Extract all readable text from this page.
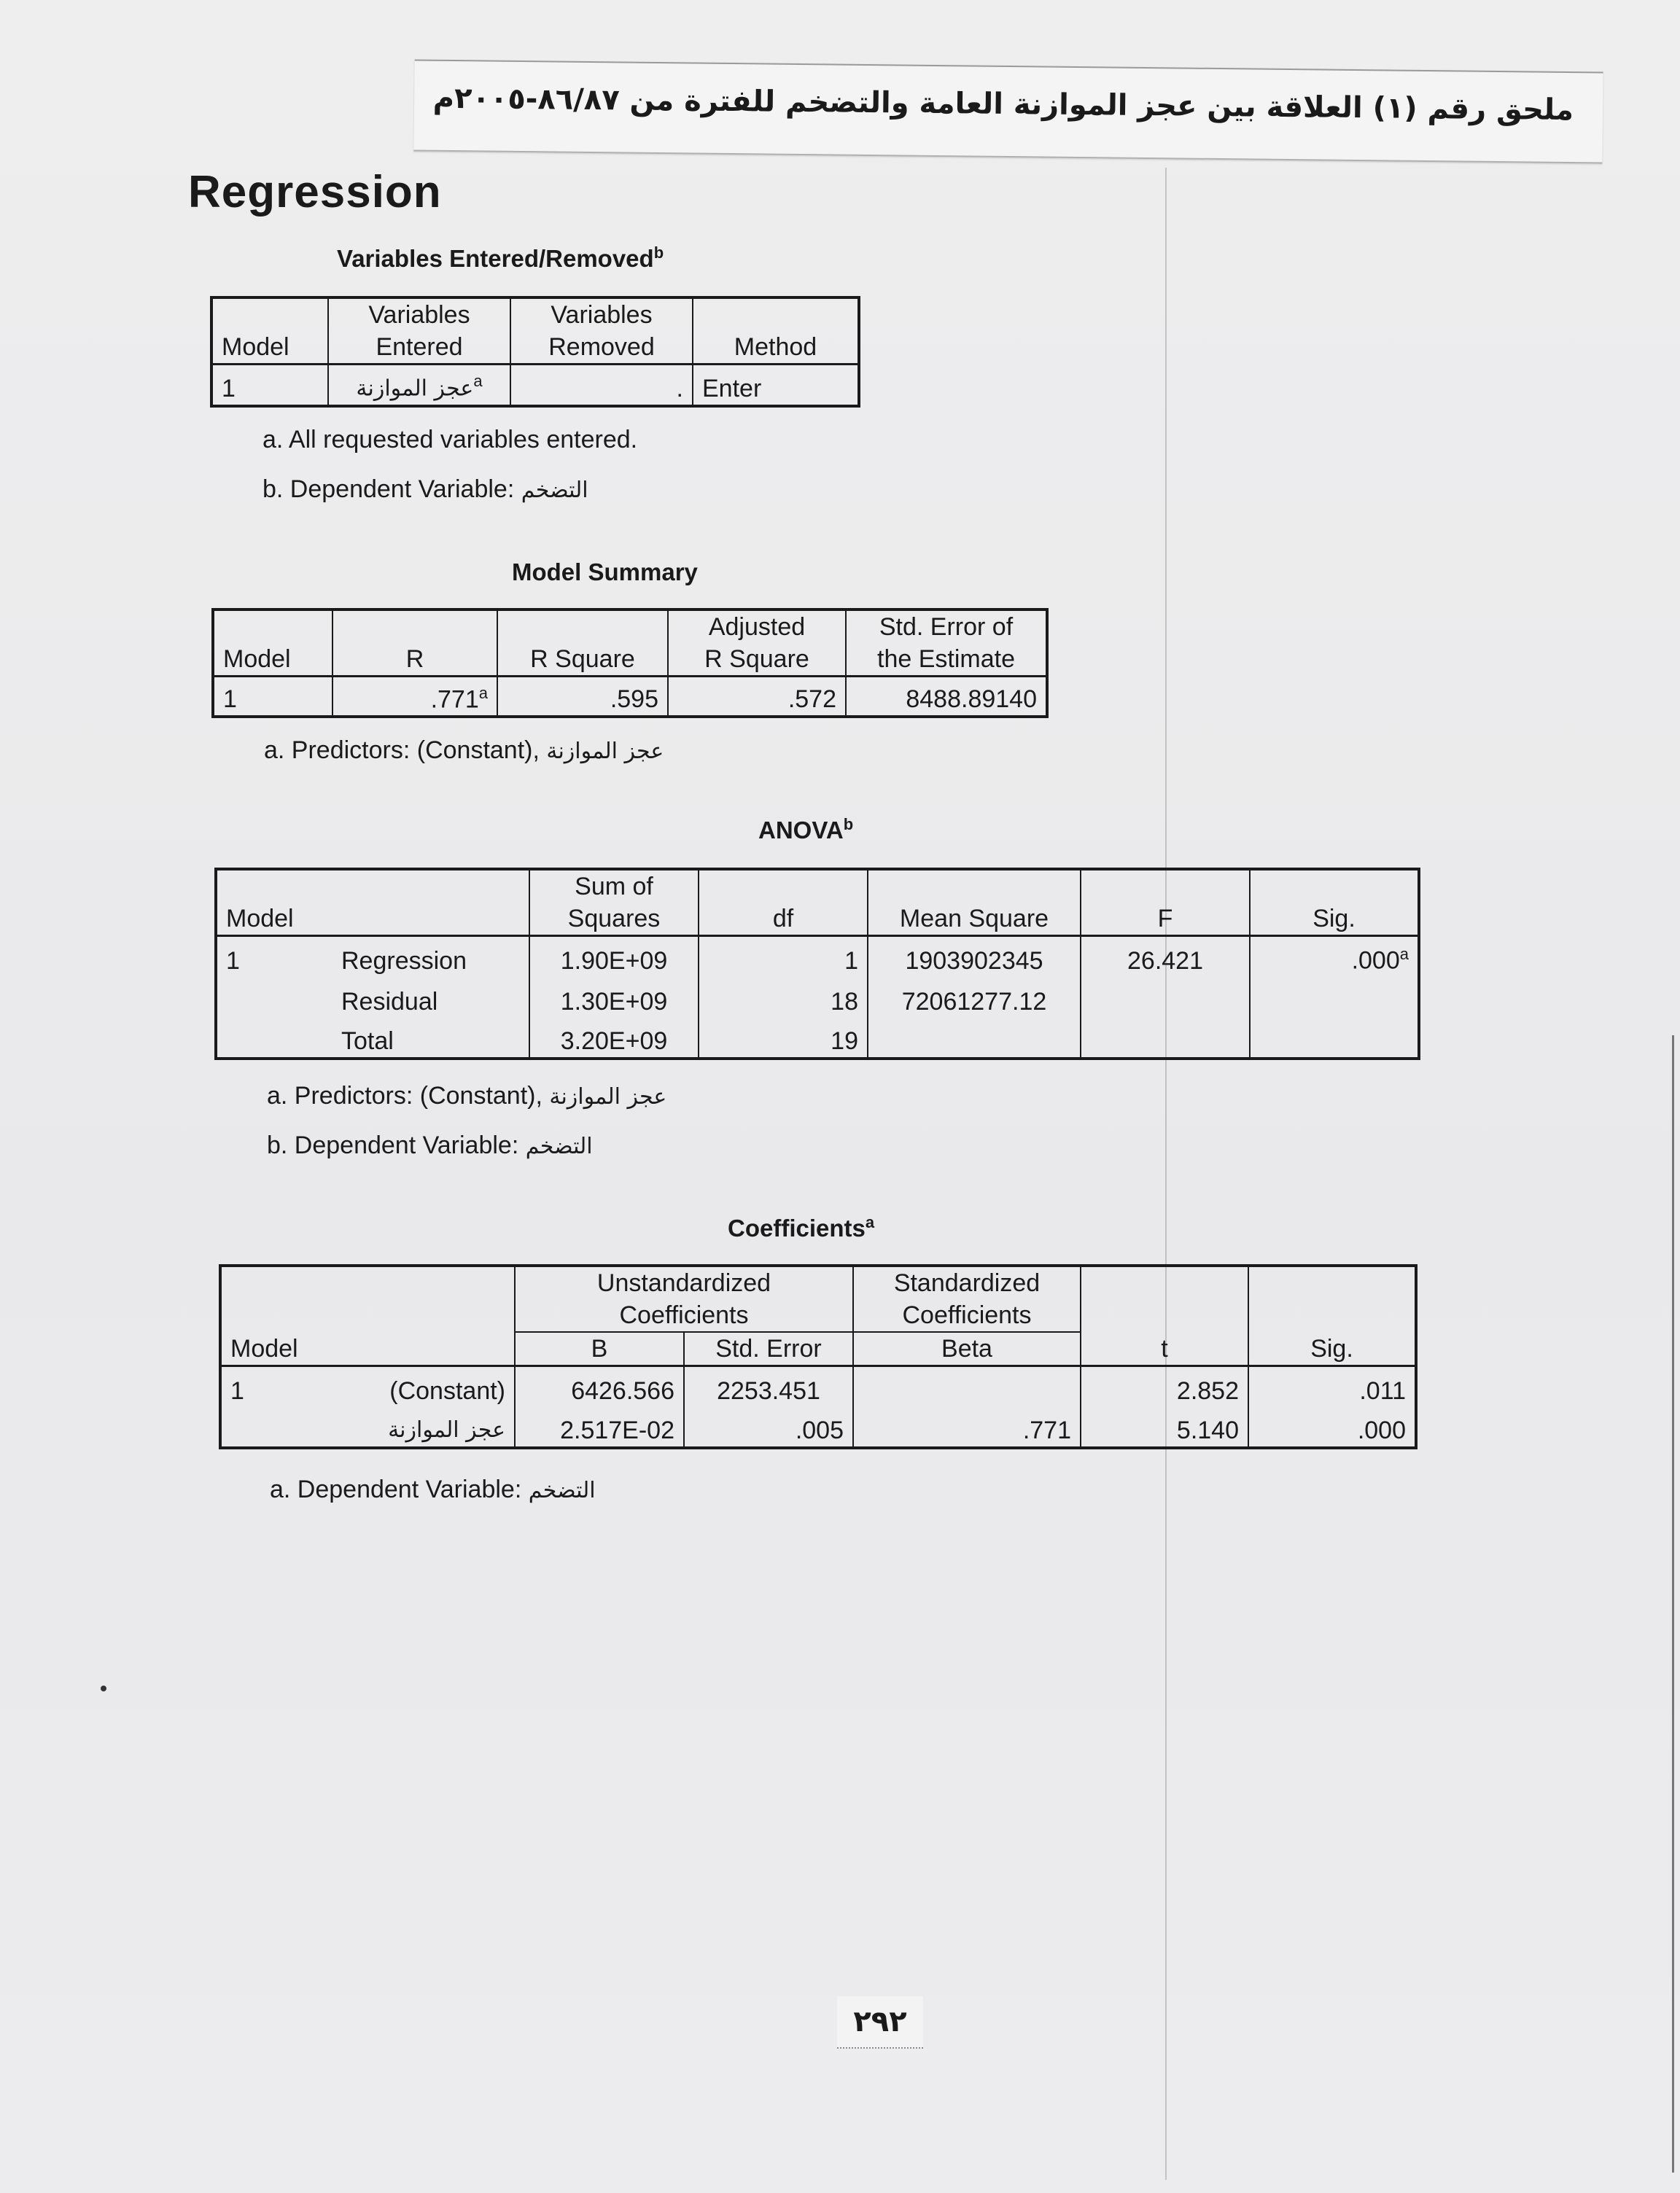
ملحق رقم (١) العلاقة بين عجز الموازنة العامة والتضخم للفترة من ٨٦/٨٧-٢٠٠٥م
Regression
Variables Entered/Removed$^b$
	Variables	Variables	
Model	Entered	Removed	Method
1	عجز الموازنة$^a$	.	Enter
a. All requested variables entered.
b. Dependent Variable: التضخم
Model Summary
			Adjusted	Std. Error of
Model	R	R Square	R Square	the Estimate
1	.771$^a$	.595	.572	8488.89140
a. Predictors: (Constant), عجز الموازنة
ANOVA$^b$
		Sum of				
Model		Squares	df	Mean Square	F	Sig.
1	Regression	1.90E+09	1	1903902345	26.421	.000$^a$
	Residual	1.30E+09	18	72061277.12		
	Total	3.20E+09	19			
a. Predictors: (Constant), عجز الموازنة
b. Dependent Variable: التضخم
Coefficients$^a$
		Unstandardized		Standardized		
		Coefficients		Coefficients		
Model		B	Std. Error	Beta	t	Sig.
1	(Constant)	6426.566	2253.451		2.852	.011
	عجز الموازنة	2.517E-02	.005	.771	5.140	.000
a. Dependent Variable: التضخم
٢٩٢
